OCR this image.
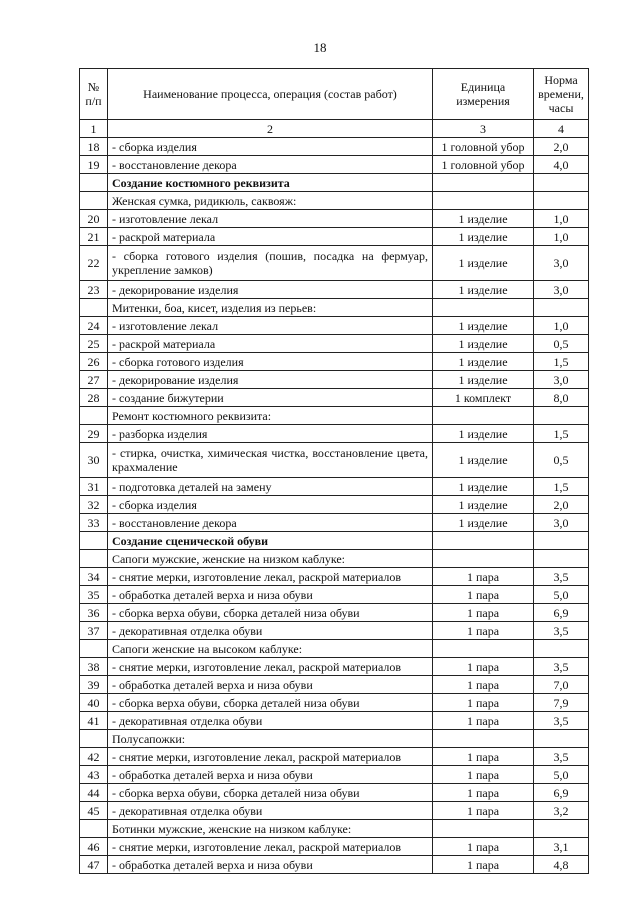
18
№ п/п	Наименование процесса, операция (состав работ)	Единица измерения	Норма времени, часы
1	2	3	4
18	- сборка изделия	1 головной убор	2,0
19	- восстановление декора	1 головной убор	4,0
	Создание костюмного реквизита		
	Женская сумка, ридикюль, саквояж:		
20	- изготовление лекал	1 изделие	1,0
21	- раскрой материала	1 изделие	1,0
22	- сборка готового изделия (пошив, посадка на фермуар, укрепление замков)	1 изделие	3,0
23	- декорирование изделия	1 изделие	3,0
	Митенки, боа, кисет, изделия из перьев:		
24	- изготовление лекал	1 изделие	1,0
25	- раскрой материала	1 изделие	0,5
26	- сборка готового изделия	1 изделие	1,5
27	- декорирование изделия	1 изделие	3,0
28	- создание бижутерии	1 комплект	8,0
	Ремонт костюмного реквизита:		
29	- разборка изделия	1 изделие	1,5
30	- стирка, очистка, химическая чистка, восстановление цвета, крахмаление	1 изделие	0,5
31	- подготовка деталей на замену	1 изделие	1,5
32	- сборка изделия	1 изделие	2,0
33	- восстановление декора	1 изделие	3,0
	Создание сценической обуви		
	Сапоги мужские, женские на низком каблуке:		
34	- снятие мерки, изготовление лекал, раскрой материалов	1 пара	3,5
35	- обработка деталей верха и низа обуви	1 пара	5,0
36	- сборка верха обуви, сборка деталей низа обуви	1 пара	6,9
37	- декоративная отделка обуви	1 пара	3,5
	Сапоги женские на высоком каблуке:		
38	- снятие мерки, изготовление лекал, раскрой материалов	1 пара	3,5
39	- обработка деталей верха и низа обуви	1 пара	7,0
40	- сборка верха обуви, сборка деталей низа обуви	1 пара	7,9
41	- декоративная отделка обуви	1 пара	3,5
	Полусапожки:		
42	- снятие мерки, изготовление лекал, раскрой материалов	1 пара	3,5
43	- обработка деталей верха и низа обуви	1 пара	5,0
44	- сборка верха обуви, сборка деталей низа обуви	1 пара	6,9
45	- декоративная отделка обуви	1 пара	3,2
	Ботинки мужские, женские на низком каблуке:		
46	- снятие мерки, изготовление лекал, раскрой материалов	1 пара	3,1
47	- обработка деталей верха и низа обуви	1 пара	4,8
